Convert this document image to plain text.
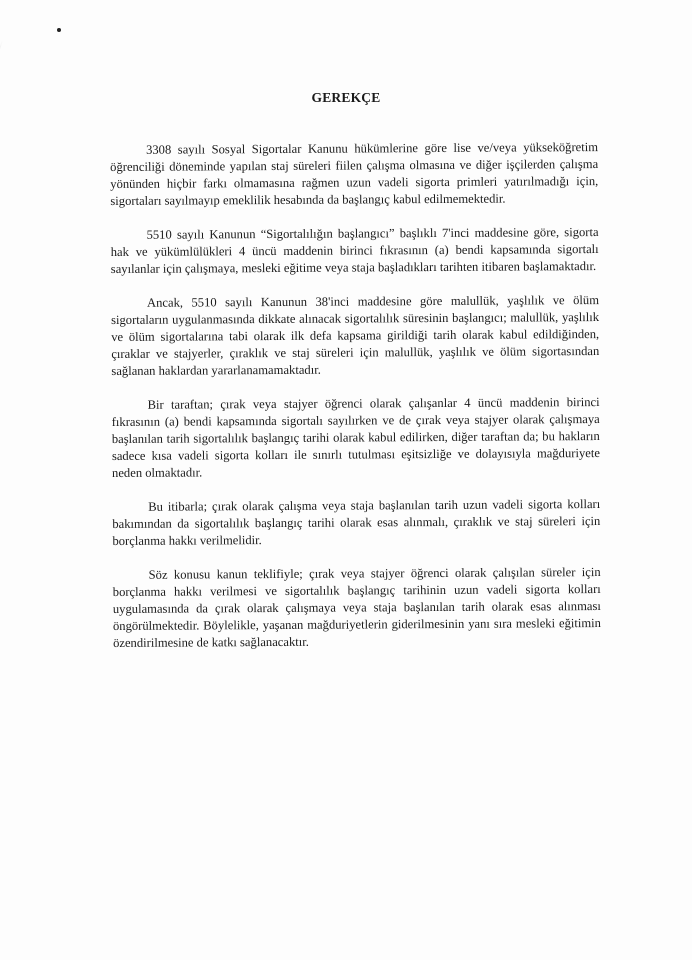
GEREKÇE

3308 sayılı Sosyal Sigortalar Kanunu hükümlerine göre lise ve/veya yükseköğretim öğrenciliği döneminde yapılan staj süreleri fiilen çalışma olmasına ve diğer işçilerden çalışma yönünden hiçbir farkı olmamasına rağmen uzun vadeli sigorta primleri yatırılmadığı için, sigortaları sayılmayıp emeklilik hesabında da başlangıç kabul edilmemektedir.

5510 sayılı Kanunun “Sigortalılığın başlangıcı” başlıklı 7'inci maddesine göre, sigorta hak ve yükümlülükleri 4 üncü maddenin birinci fıkrasının (a) bendi kapsamında sigortalı sayılanlar için çalışmaya, mesleki eğitime veya staja başladıkları tarihten itibaren başlamaktadır.

Ancak, 5510 sayılı Kanunun 38'inci maddesine göre malullük, yaşlılık ve ölüm sigortaların uygulanmasında dikkate alınacak sigortalılık süresinin başlangıcı; malullük, yaşlılık ve ölüm sigortalarına tabi olarak ilk defa kapsama girildiği tarih olarak kabul edildiğinden, çıraklar ve stajyerler, çıraklık ve staj süreleri için malullük, yaşlılık ve ölüm sigortasından sağlanan haklardan yararlanamamaktadır.

Bir taraftan; çırak veya stajyer öğrenci olarak çalışanlar 4 üncü maddenin birinci fıkrasının (a) bendi kapsamında sigortalı sayılırken ve de çırak veya stajyer olarak çalışmaya başlanılan tarih sigortalılık başlangıç tarihi olarak kabul edilirken, diğer taraftan da; bu hakların sadece kısa vadeli sigorta kolları ile sınırlı tutulması eşitsizliğe ve dolayısıyla mağduriyete neden olmaktadır.

Bu itibarla; çırak olarak çalışma veya staja başlanılan tarih uzun vadeli sigorta kolları bakımından da sigortalılık başlangıç tarihi olarak esas alınmalı, çıraklık ve staj süreleri için borçlanma hakkı verilmelidir.

Söz konusu kanun teklifiyle; çırak veya stajyer öğrenci olarak çalışılan süreler için borçlanma hakkı verilmesi ve sigortalılık başlangıç tarihinin uzun vadeli sigorta kolları uygulamasında da çırak olarak çalışmaya veya staja başlanılan tarih olarak esas alınması öngörülmektedir. Böylelikle, yaşanan mağduriyetlerin giderilmesinin yanı sıra mesleki eğitimin özendirilmesine de katkı sağlanacaktır.
